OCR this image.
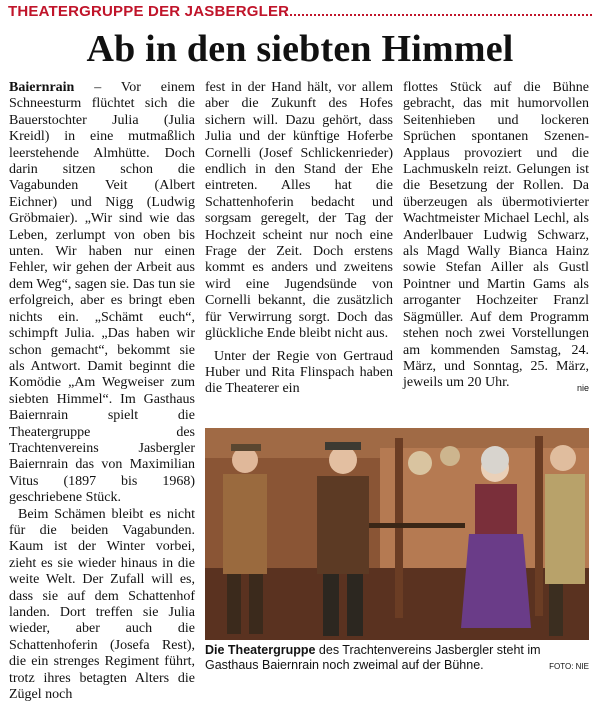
THEATERGRUPPE DER JASBERGLER
Ab in den siebten Himmel

Baiernrain – Vor einem Schneesturm flüchtet sich die Bauerstochter Julia (Julia Kreidl) in eine mutmaßlich leerstehende Almhütte. Doch darin sitzen schon die Vagabunden Veit (Albert Eichner) und Nigg (Ludwig Gröbmaier). „Wir sind wie das Leben, zerlumpt von oben bis unten. Wir haben nur einen Fehler, wir gehen der Arbeit aus dem Weg“, sagen sie. Das tun sie erfolgreich, aber es bringt eben nichts ein. „Schämt euch“, schimpft Julia. „Das haben wir schon gemacht“, bekommt sie als Antwort. Damit beginnt die Komödie „Am Wegweiser zum siebten Himmel“. Im Gasthaus Baiernrain spielt die Theatergruppe des Trachtenvereins Jasbergler Baiernrain das von Maximilian Vitus (1897 bis 1968) geschriebene Stück.

Beim Schämen bleibt es nicht für die beiden Vagabunden. Kaum ist der Winter vorbei, zieht es sie wieder hinaus in die weite Welt. Der Zufall will es, dass sie auf dem Schattenhof landen. Dort treffen sie Julia wieder, aber auch die Schattenhoferin (Josefa Rest), die ein strenges Regiment führt, trotz ihres betagten Alters die Zügel noch

fest in der Hand hält, vor allem aber die Zukunft des Hofes sichern will. Dazu gehört, dass Julia und der künftige Hoferbe Cornelli (Josef Schlickenrieder) endlich in den Stand der Ehe eintreten. Alles hat die Schattenhoferin bedacht und sorgsam geregelt, der Tag der Hochzeit scheint nur noch eine Frage der Zeit. Doch erstens kommt es anders und zweitens wird eine Jugendsünde von Cornelli bekannt, die zusätzlich für Verwirrung sorgt. Doch das glückliche Ende bleibt nicht aus.

Unter der Regie von Gertraud Huber und Rita Flinspach haben die Theaterer ein

flottes Stück auf die Bühne gebracht, das mit humorvollen Seitenhieben und lockeren Sprüchen spontanen Szenen-Applaus provoziert und die Lachmuskeln reizt. Gelungen ist die Besetzung der Rollen. Da überzeugen als übermotivierter Wachtmeister Michael Lechl, als Anderlbauer Ludwig Schwarz, als Magd Wally Bianca Hainz sowie Stefan Ailler als Gustl Pointner und Martin Gams als arroganter Hochzeiter Franzl Sägmüller. Auf dem Programm stehen noch zwei Vorstellungen am kommenden Samstag, 24. März, und Sonntag, 25. März, jeweils um 20 Uhr.	nie
Die Theatergruppe des Trachtenvereins Jasbergler steht im Gasthaus Baiernrain noch zweimal auf der Bühne.	FOTO: NIE
